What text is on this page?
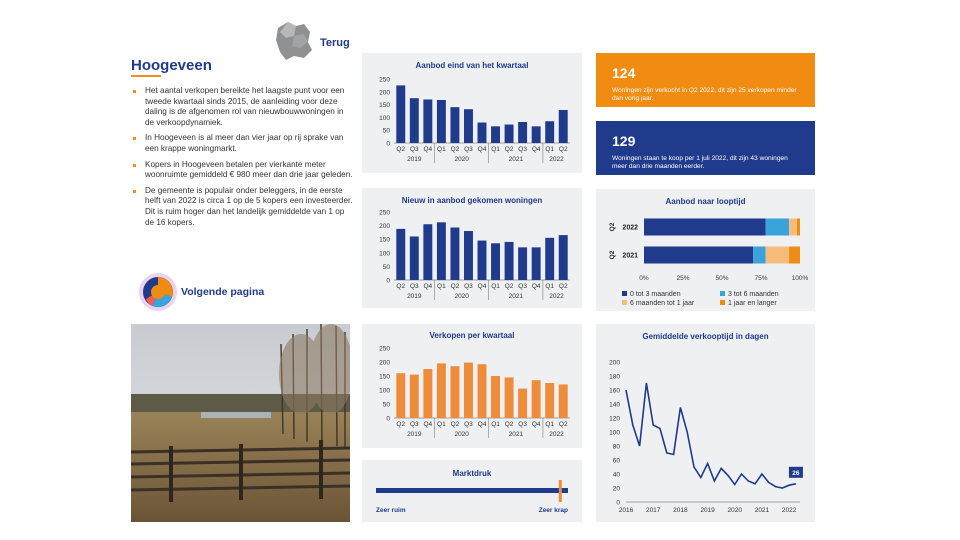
Terug
Hoogeveen
Het aantal verkopen bereikte het laagste punt voor een tweede kwartaal sinds 2015, de aanleiding voor deze daling is de afgenomen rol van nieuwbouwwoningen in de verkoopdynamiek.
In Hoogeveen is al meer dan vier jaar op rij sprake van een krappe woningmarkt.
Kopers in Hoogeveen betalen per vierkante meter woonruimte gemiddeld € 980 meer dan drie jaar geleden.
De gemeente is populair onder beleggers, in de eerste helft van 2022 is circa 1 op de 5 kopers een investeerder. Dit is ruim hoger dan het landelijk gemiddelde van 1 op de 16 kopers.
Volgende pagina
Aanbod eind van het kwartaal
0
50
100
150
200
250
Q2 Q3 Q4 Q1 Q2 Q3 Q4 Q1 Q2 Q3 Q4 Q1 Q2
2019	2020	2021	2022
Nieuw in aanbod gekomen woningen
0
50
100
150
200
250
Q2 Q3 Q4 Q1 Q2 Q3 Q4 Q1 Q2 Q3 Q4 Q1 Q2
2019	2020	2021	2022
Verkopen per kwartaal
0
50
100
150
200
250
Q2 Q3 Q4 Q1 Q2 Q3 Q4 Q1 Q2 Q3 Q4 Q1 Q2
2019	2020	2021	2022
Marktdruk
Zeer ruim	Zeer krap
124
Woningen zijn verkocht in Q2 2022, dit zijn 25 verkopen minder dan vorig jaar.
129
Woningen staan te koop per 1 juli 2022, dit zijn 43 woningen meer dan drie maanden eerder.
Aanbod naar looptijd
Q2 2022
Q2 2021
0%	25%	50%	75%	100%
0 tot 3 maanden	3 tot 6 maanden
6 maanden tot 1 jaar	1 jaar en langer
Gemiddelde verkooptijd in dagen
0
20
40
60
80
100
120
140
160
180
200
2016 2017 2018 2019 2020 2021 2022
26
